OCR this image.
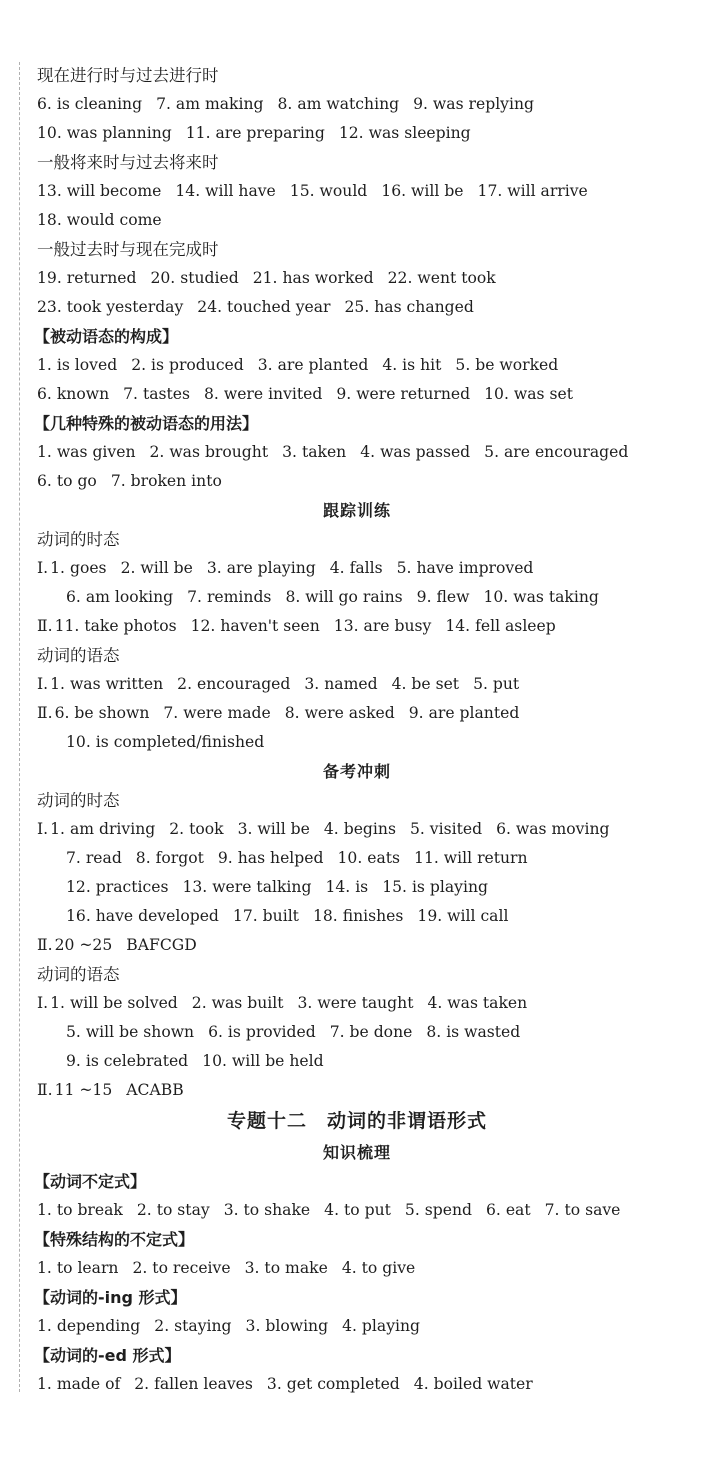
现在进行时与过去进行时
6. is cleaning 7. am making 8. am watching 9. was replying
10. was planning 11. are preparing 12. was sleeping
一般将来时与过去将来时
13. will become 14. will have 15. would 16. will be 17. will arrive
18. would come
一般过去时与现在完成时
19. returned 20. studied 21. has worked 22. went took
23. took yesterday 24. touched year 25. has changed
【被动语态的构成】
1. is loved 2. is produced 3. are planted 4. is hit 5. be worked
6. known 7. tastes 8. were invited 9. were returned 10. was set
【几种特殊的被动语态的用法】
1. was given 2. was brought 3. taken 4. was passed 5. are encouraged
6. to go 7. broken into
跟踪训练
动词的时态
Ⅰ. 1. goes 2. will be 3. are playing 4. falls 5. have improved
6. am looking 7. reminds 8. will go rains 9. flew 10. was taking
Ⅱ. 11. take photos 12. haven't seen 13. are busy 14. fell asleep
动词的语态
Ⅰ. 1. was written 2. encouraged 3. named 4. be set 5. put
Ⅱ. 6. be shown 7. were made 8. were asked 9. are planted
10. is completed/finished
备考冲刺
动词的时态
Ⅰ. 1. am driving 2. took 3. will be 4. begins 5. visited 6. was moving
7. read 8. forgot 9. has helped 10. eats 11. will return
12. practices 13. were talking 14. is 15. is playing
16. have developed 17. built 18. finishes 19. will call
Ⅱ. 20 ~25 BAFCGD
动词的语态
Ⅰ. 1. will be solved 2. was built 3. were taught 4. was taken
5. will be shown 6. is provided 7. be done 8. is wasted
9. is celebrated 10. will be held
Ⅱ. 11 ~15 ACABB
专题十二　动词的非谓语形式
知识梳理
【动词不定式】
1. to break 2. to stay 3. to shake 4. to put 5. spend 6. eat 7. to save
【特殊结构的不定式】
1. to learn 2. to receive 3. to make 4. to give
【动词的-ing 形式】
1. depending 2. staying 3. blowing 4. playing
【动词的-ed 形式】
1. made of 2. fallen leaves 3. get completed 4. boiled water
